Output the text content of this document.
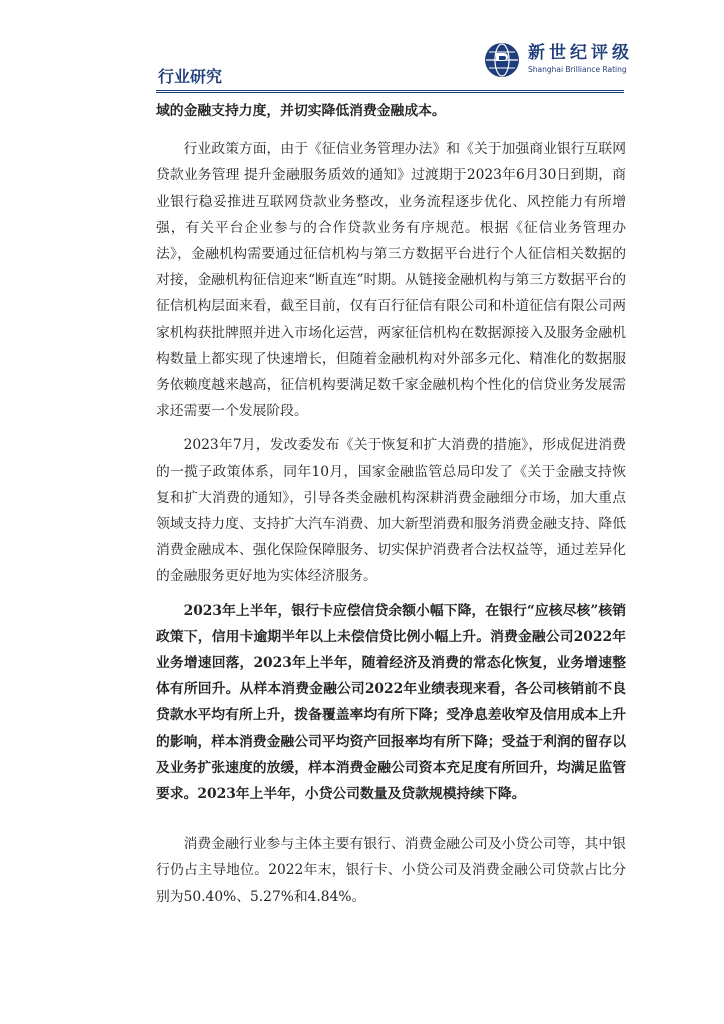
新世纪评级
Shanghai Brilliance Rating
行业研究

域的金融支持力度，并切实降低消费金融成本。

行业政策方面，由于《征信业务管理办法》和《关于加强商业银行互联网贷款业务管理 提升金融服务质效的通知》过渡期于2023年6月30日到期，商业银行稳妥推进互联网贷款业务整改，业务流程逐步优化、风控能力有所增强，有关平台企业参与的合作贷款业务有序规范。根据《征信业务管理办法》，金融机构需要通过征信机构与第三方数据平台进行个人征信相关数据的对接，金融机构征信迎来“断直连”时期。从链接金融机构与第三方数据平台的征信机构层面来看，截至目前，仅有百行征信有限公司和朴道征信有限公司两家机构获批牌照并进入市场化运营，两家征信机构在数据源接入及服务金融机构数量上都实现了快速增长，但随着金融机构对外部多元化、精准化的数据服务依赖度越来越高，征信机构要满足数千家金融机构个性化的信贷业务发展需求还需要一个发展阶段。

2023年7月，发改委发布《关于恢复和扩大消费的措施》，形成促进消费的一揽子政策体系，同年10月，国家金融监管总局印发了《关于金融支持恢复和扩大消费的通知》，引导各类金融机构深耕消费金融细分市场，加大重点领域支持力度、支持扩大汽车消费、加大新型消费和服务消费金融支持、降低消费金融成本、强化保险保障服务、切实保护消费者合法权益等，通过差异化的金融服务更好地为实体经济服务。

2023年上半年，银行卡应偿信贷余额小幅下降，在银行“应核尽核”核销政策下，信用卡逾期半年以上未偿信贷比例小幅上升。消费金融公司2022年业务增速回落，2023年上半年，随着经济及消费的常态化恢复，业务增速整体有所回升。从样本消费金融公司2022年业绩表现来看，各公司核销前不良贷款水平均有所上升，拨备覆盖率均有所下降；受净息差收窄及信用成本上升的影响，样本消费金融公司平均资产回报率均有所下降；受益于利润的留存以及业务扩张速度的放缓，样本消费金融公司资本充足度有所回升，均满足监管要求。2023年上半年，小贷公司数量及贷款规模持续下降。

消费金融行业参与主体主要有银行、消费金融公司及小贷公司等，其中银行仍占主导地位。2022年末，银行卡、小贷公司及消费金融公司贷款占比分别为50.40%、5.27%和4.84%。
